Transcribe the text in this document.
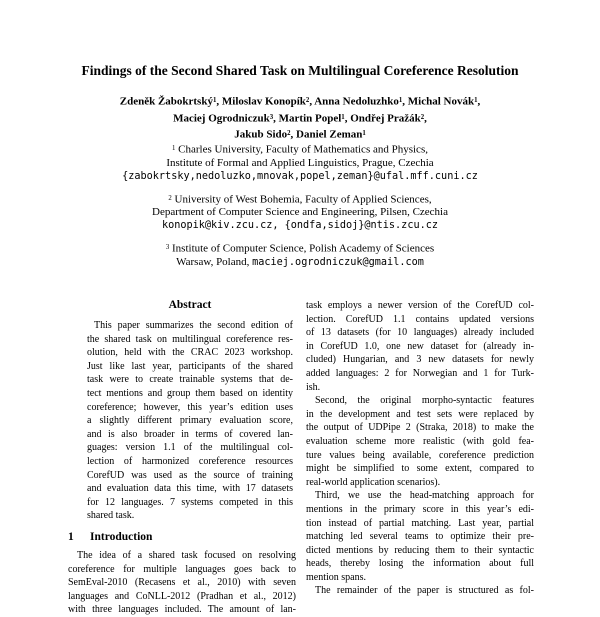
Findings of the Second Shared Task on Multilingual Coreference Resolution
Zdeněk Žabokrtský$^1$, Miloslav Konopík$^2$, Anna Nedoluzhko$^1$, Michal Novák$^1$,
Maciej Ogrodniczuk$^3$, Martin Popel$^1$, Ondřej Pražák$^2$,
Jakub Sido$^2$, Daniel Zeman$^1$
$^1$ Charles University, Faculty of Mathematics and Physics,
Institute of Formal and Applied Linguistics, Prague, Czechia
{zabokrtsky,nedoluzko,mnovak,popel,zeman}@ufal.mff.cuni.cz
$^2$ University of West Bohemia, Faculty of Applied Sciences,
Department of Computer Science and Engineering, Pilsen, Czechia
konopik@kiv.zcu.cz, {ondfa,sidoj}@ntis.zcu.cz
$^3$ Institute of Computer Science, Polish Academy of Sciences
Warsaw, Poland, maciej.ogrodniczuk@gmail.com
Abstract
This paper summarizes the second edition of
the shared task on multilingual coreference res-
olution, held with the CRAC 2023 workshop.
Just like last year, participants of the shared
task were to create trainable systems that de-
tect mentions and group them based on identity
coreference; however, this year’s edition uses
a slightly different primary evaluation score,
and is also broader in terms of covered lan-
guages: version 1.1 of the multilingual col-
lection of harmonized coreference resources
CorefUD was used as the source of training
and evaluation data this time, with 17 datasets
for 12 languages. 7 systems competed in this
shared task.
1 Introduction
The idea of a shared task focused on resolving
coreference for multiple languages goes back to
SemEval-2010 (Recasens et al., 2010) with seven
languages and CoNLL-2012 (Pradhan et al., 2012)
with three languages included. The amount of lan-
task employs a newer version of the CorefUD col-
lection. CorefUD 1.1 contains updated versions
of 13 datasets (for 10 languages) already included
in CorefUD 1.0, one new dataset for (already in-
cluded) Hungarian, and 3 new datasets for newly
added languages: 2 for Norwegian and 1 for Turk-
ish.
Second, the original morpho-syntactic features
in the development and test sets were replaced by
the output of UDPipe 2 (Straka, 2018) to make the
evaluation scheme more realistic (with gold fea-
ture values being available, coreference prediction
might be simplified to some extent, compared to
real-world application scenarios).
Third, we use the head-matching approach for
mentions in the primary score in this year’s edi-
tion instead of partial matching. Last year, partial
matching led several teams to optimize their pre-
dicted mentions by reducing them to their syntactic
heads, thereby losing the information about full
mention spans.
The remainder of the paper is structured as fol-
